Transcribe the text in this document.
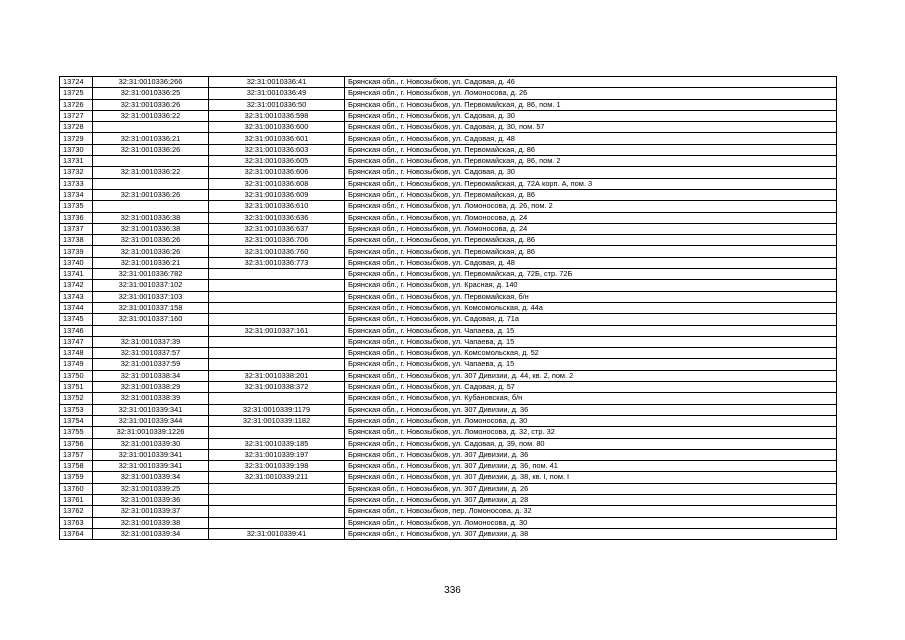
13724	32:31:0010336:266	32:31:0010336:41	Брянская обл., г. Новозыбков, ул. Садовая, д. 46
13725	32:31:0010336:25	32:31:0010336:49	Брянская обл., г. Новозыбков, ул. Ломоносова, д. 26
13726	32:31:0010336:26	32:31:0010336:50	Брянская обл., г. Новозыбков, ул. Первомайская, д. 86, пом. 1
13727	32:31:0010336:22	32:31:0010336:598	Брянская обл., г. Новозыбков, ул. Садовая, д. 30
13728		32:31:0010336:600	Брянская обл., г. Новозыбков, ул. Садовая, д. 30, пом. 57
13729	32:31:0010336:21	32:31:0010336:601	Брянская обл., г. Новозыбков, ул. Садовая, д. 48
13730	32:31:0010336:26	32:31:0010336:603	Брянская обл., г. Новозыбков, ул. Первомайская, д. 86
13731		32:31:0010336:605	Брянская обл., г. Новозыбков, ул. Первомайская, д. 86, пом. 2
13732	32:31:0010336:22	32:31:0010336:606	Брянская обл., г. Новозыбков, ул. Садовая, д. 30
13733		32:31:0010336:608	Брянская обл., г. Новозыбков, ул. Первомайская, д. 72А корп. А, пом. 3
13734	32:31:0010336:26	32:31:0010336:609	Брянская обл., г. Новозыбков, ул. Первомайская, д. 86
13735		32:31:0010336:610	Брянская обл., г. Новозыбков, ул. Ломоносова, д. 26, пом. 2
13736	32:31:0010336:38	32:31:0010336:636	Брянская обл., г. Новозыбков, ул. Ломоносова, д. 24
13737	32:31:0010336:38	32:31:0010336:637	Брянская обл., г. Новозыбков, ул. Ломоносова, д. 24
13738	32:31:0010336:26	32:31:0010336:706	Брянская обл., г. Новозыбков, ул. Первомайская, д. 86
13739	32:31:0010336:26	32:31:0010336:760	Брянская обл., г. Новозыбков, ул. Первомайская, д. 86
13740	32:31:0010336:21	32:31:0010336:773	Брянская обл., г. Новозыбков, ул. Садовая, д. 48
13741	32:31:0010336:782		Брянская обл., г. Новозыбков, ул. Первомайская, д. 72Б, стр. 72Б
13742	32:31:0010337:102		Брянская обл., г. Новозыбков, ул. Красная, д. 140
13743	32:31:0010337:103		Брянская обл., г. Новозыбков, ул. Первомайская, б/н
13744	32:31:0010337:158		Брянская обл., г. Новозыбков, ул. Комсомольская, д. 44а
13745	32:31:0010337:160		Брянская обл., г. Новозыбков, ул. Садовая, д. 71а
13746		32:31:0010337:161	Брянская обл., г. Новозыбков, ул. Чапаева, д. 15
13747	32:31:0010337:39		Брянская обл., г. Новозыбков, ул. Чапаева, д. 15
13748	32:31:0010337:57		Брянская обл., г. Новозыбков, ул. Комсомольская, д. 52
13749	32:31:0010337:59		Брянская обл., г. Новозыбков, ул. Чапаева, д. 15
13750	32:31:0010338:34	32:31:0010338:201	Брянская обл., г. Новозыбков, ул. 307 Дивизии, д. 44, кв. 2, пом. 2
13751	32:31:0010338:29	32:31:0010338:372	Брянская обл., г. Новозыбков, ул. Садовая, д. 57
13752	32:31:0010338:39		Брянская обл., г. Новозыбков, ул. Кубановская, б/н
13753	32:31:0010339:341	32:31:0010339:1179	Брянская обл., г. Новозыбков, ул. 307 Дивизии, д. 36
13754	32:31:0010339:344	32:31:0010339:1182	Брянская обл., г. Новозыбков, ул. Ломоносова, д. 30
13755	32:31:0010339:1226		Брянская обл., г. Новозыбков, ул. Ломоносова, д. 32, стр. 32
13756	32:31:0010339:30	32:31:0010339:185	Брянская обл., г. Новозыбков, ул. Садовая, д. 39, пом. 80
13757	32:31:0010339:341	32:31:0010339:197	Брянская обл., г. Новозыбков, ул. 307 Дивизии, д. 36
13758	32:31:0010339:341	32:31:0010339:198	Брянская обл., г. Новозыбков, ул. 307 Дивизии, д. 36, пом. 41
13759	32:31:0010339:34	32:31:0010339:211	Брянская обл., г. Новозыбков, ул. 307 Дивизии, д. 38, кв. I, пом. I
13760	32:31:0010339:25		Брянская обл., г. Новозыбков, ул. 307 Дивизии, д. 26
13761	32:31:0010339:36		Брянская обл., г. Новозыбков, ул. 307 Дивизии, д. 28
13762	32:31:0010339:37		Брянская обл., г. Новозыбков, пер. Ломоносова, д. 32
13763	32:31:0010339:38		Брянская обл., г. Новозыбков, ул. Ломоносова, д. 30
13764	32:31:0010339:34	32:31:0010339:41	Брянская обл., г. Новозыбков, ул. 307 Дивизии, д. 38
336
